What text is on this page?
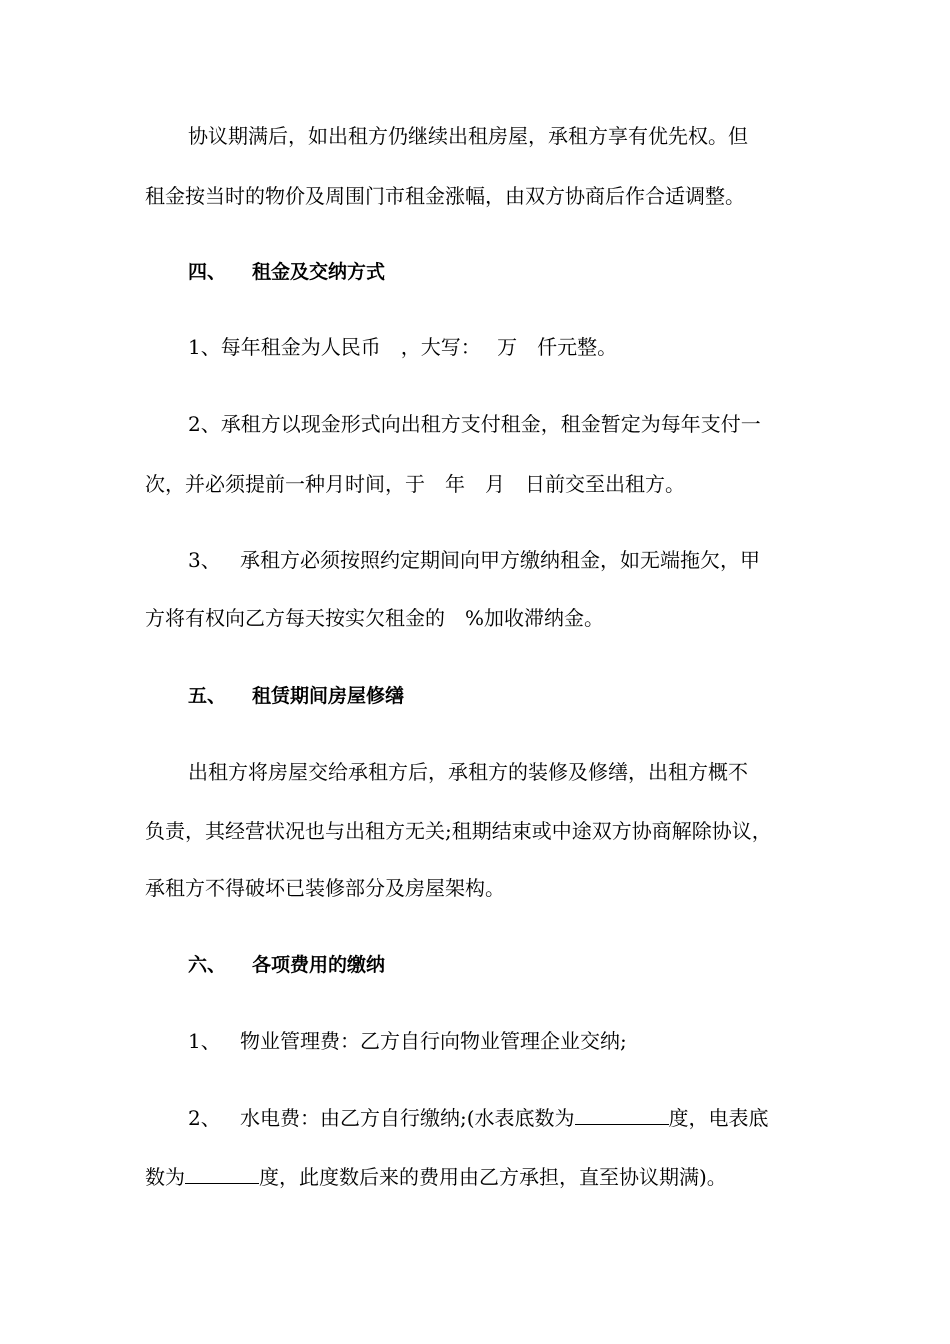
协议期满后，如出租方仍继续出租房屋，承租方享有优先权。但
租金按当时的物价及周围门市租金涨幅，由双方协商后作合适调整。
四、 租金及交纳方式
1、每年租金为人民币　，大写：　 万　仟元整。
2、承租方以现金形式向出租方支付租金，租金暂定为每年支付一
次，并必须提前一种月时间，于　年　月　日前交至出租方。
3、 承租方必须按照约定期间向甲方缴纳租金，如无端拖欠，甲
方将有权向乙方每天按实欠租金的　%加收滞纳金。
五、 租赁期间房屋修缮
出租方将房屋交给承租方后，承租方的装修及修缮，出租方概不
负责，其经营状况也与出租方无关;租期结束或中途双方协商解除协议，
承租方不得破坏已装修部分及房屋架构。
六、 各项费用的缴纳
1、 物业管理费：乙方自行向物业管理企业交纳;
2、 水电费：由乙方自行缴纳;(水表底数为	度，电表底
数为	度，此度数后来的费用由乙方承担，直至协议期满)。
